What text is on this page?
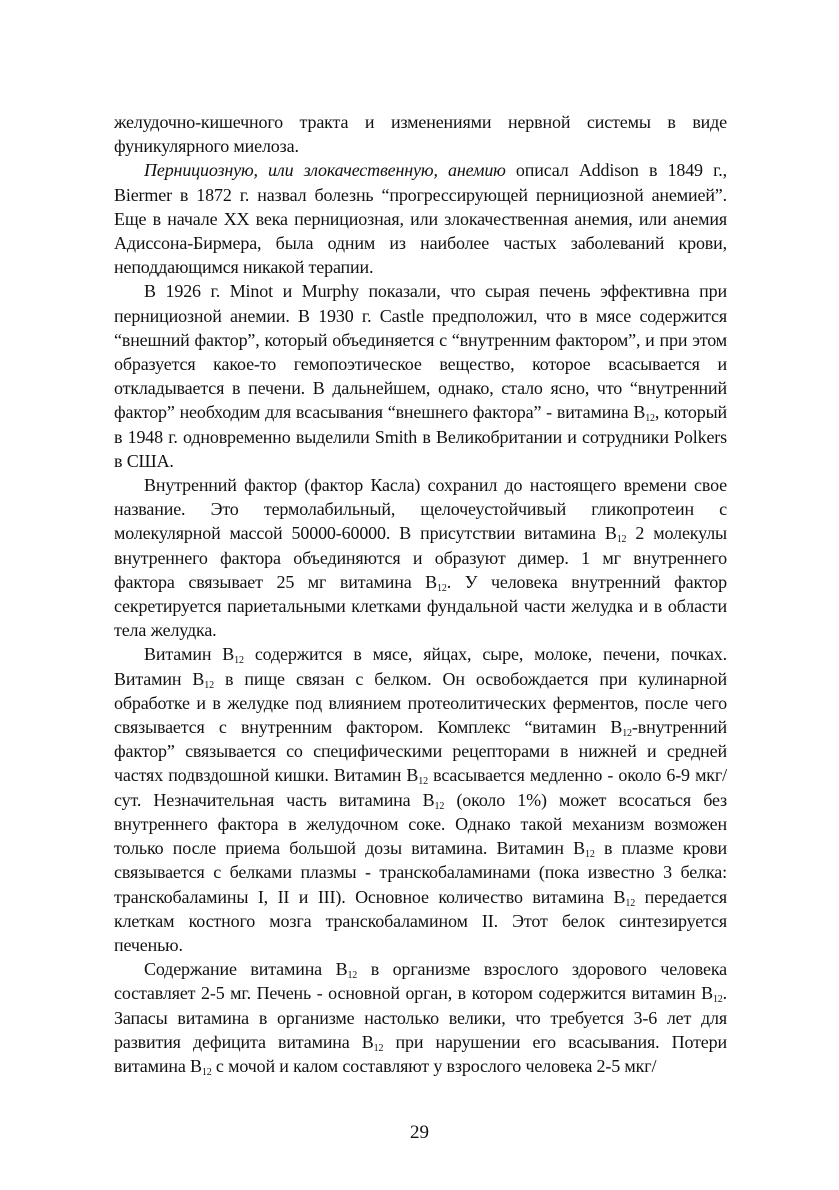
желудочно-кишечного тракта и изменениями нервной системы в виде фуникулярного миелоза.

Пернициозную, или злокачественную, анемию описал Addison в 1849 г., Biermer в 1872 г. назвал болезнь “прогрессирующей пернициозной анемией”. Еще в начале XX века пернициозная, или злокачественная анемия, или анемия Адиссона-Бирмера, была одним из наиболее частых заболеваний крови, неподдающимся никакой терапии.

В 1926 г. Minot и Murphy показали, что сырая печень эффективна при пернициозной анемии. В 1930 г. Castle предположил, что в мясе содержится “внешний фактор”, который объединяется с “внутренним фактором”, и при этом образуется какое-то гемопоэтическое вещество, которое всасывается и откладывается в печени. В дальнейшем, однако, стало ясно, что “внутренний фактор” необходим для всасывания “внешнего фактора” - витамина $B_{12}$, который в 1948 г. одновременно выделили Smith в Великобритании и сотрудники Polkers в США.

Внутренний фактор (фактор Касла) сохранил до настоящего времени свое название. Это термолабильный, щелочеустойчивый гликопротеин с молекулярной массой 50000-60000. В присутствии витамина $B_{12}$ 2 молекулы внутреннего фактора объединяются и образуют димер. 1 мг внутреннего фактора связывает 25 мг витамина $B_{12}$. У человека внутренний фактор секретируется париетальными клетками фундальной части желудка и в области тела желудка.

Витамин $B_{12}$ содержится в мясе, яйцах, сыре, молоке, печени, почках. Витамин $B_{12}$ в пище связан с белком. Он освобождается при кулинарной обработке и в желудке под влиянием протеолитических ферментов, после чего связывается с внутренним фактором. Комплекс “витамин $B_{12}$-внутренний фактор” связывается со специфическими рецепторами в нижней и средней частях подвздошной кишки. Витамин $B_{12}$ всасывается медленно - около 6-9 мкг/сут. Незначительная часть витамина $B_{12}$ (около 1%) может всосаться без внутреннего фактора в желудочном соке. Однако такой механизм возможен только после приема большой дозы витамина. Витамин $B_{12}$ в плазме крови связывается с белками плазмы - транскобаламинами (пока известно 3 белка: транскобаламины I, II и III). Основное количество витамина $B_{12}$ передается клеткам костного мозга транскобаламином II. Этот белок синтезируется печенью.

Содержание витамина $B_{12}$ в организме взрослого здорового человека составляет 2-5 мг. Печень - основной орган, в котором содержится витамин $B_{12}$. Запасы витамина в организме настолько велики, что требуется 3-6 лет для развития дефицита витамина $B_{12}$ при нарушении его всасывания. Потери витамина $B_{12}$ с мочой и калом составляют у взрослого человека 2-5 мкг/

29
